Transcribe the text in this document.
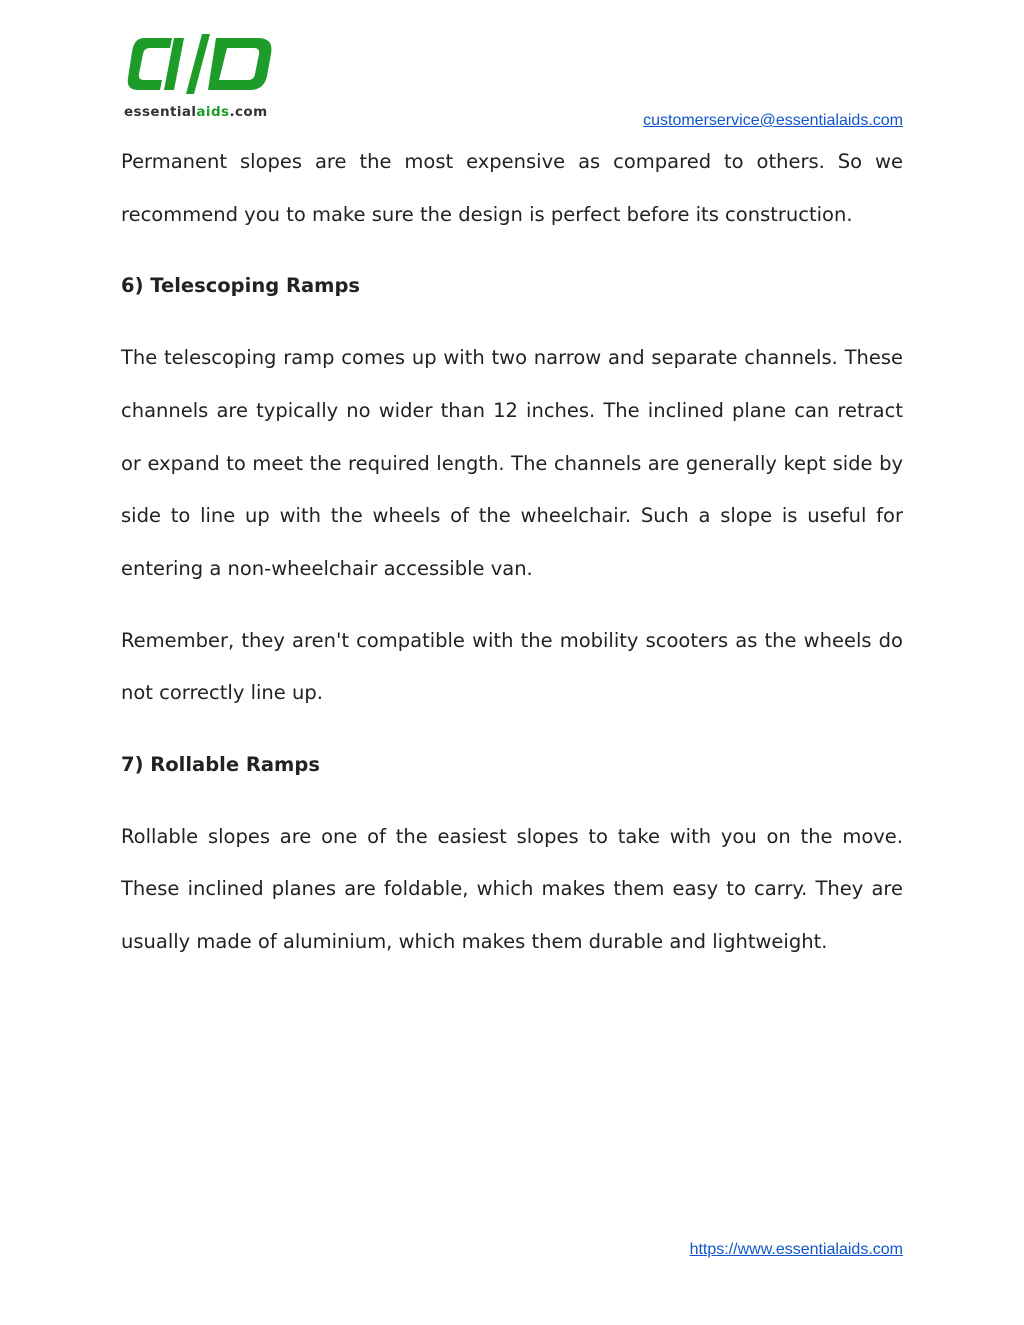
essentialaids.com	customerservice@essentialaids.com

Permanent slopes are the most expensive as compared to others. So we recommend you to make sure the design is perfect before its construction.

6) Telescoping Ramps

The telescoping ramp comes up with two narrow and separate channels. These channels are typically no wider than 12 inches. The inclined plane can retract or expand to meet the required length. The channels are generally kept side by side to line up with the wheels of the wheelchair. Such a slope is useful for entering a non-wheelchair accessible van.

Remember, they aren't compatible with the mobility scooters as the wheels do not correctly line up.

7) Rollable Ramps

Rollable slopes are one of the easiest slopes to take with you on the move. These inclined planes are foldable, which makes them easy to carry. They are usually made of aluminium, which makes them durable and lightweight.

https://www.essentialaids.com
